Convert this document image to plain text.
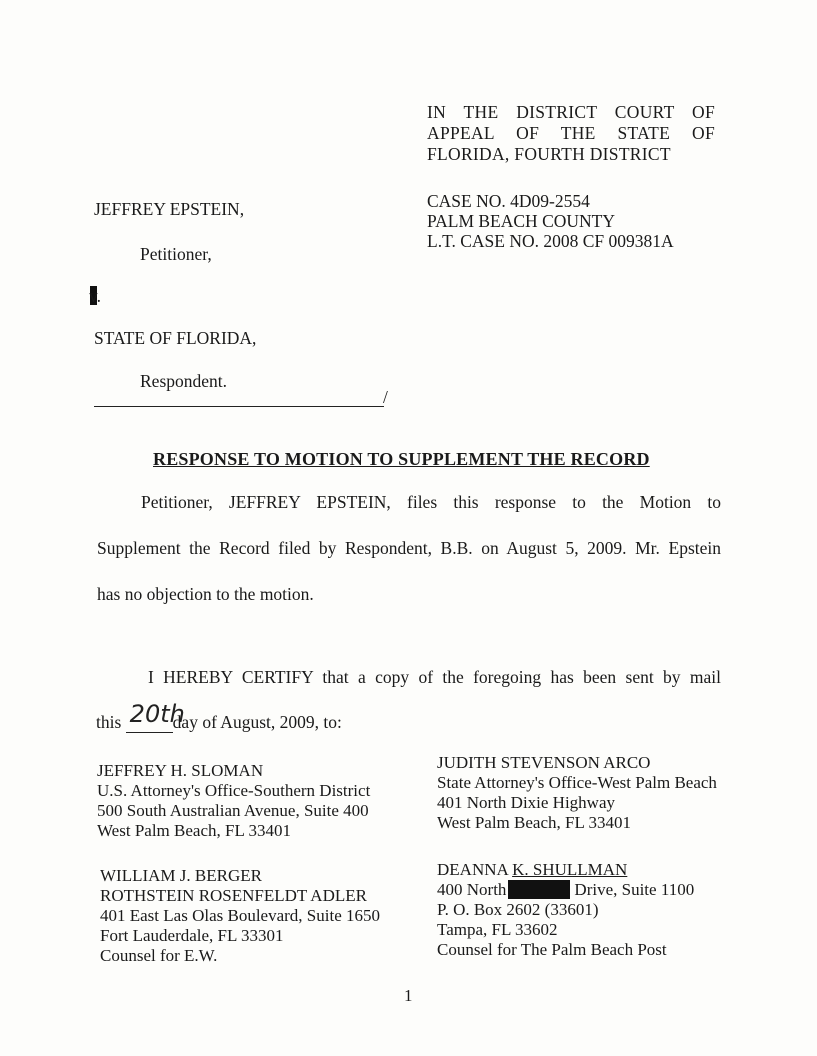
IN THE DISTRICT COURT OF
APPEAL OF THE STATE OF
FLORIDA, FOURTH DISTRICT
CASE NO. 4D09-2554
PALM BEACH COUNTY
L.T. CASE NO. 2008 CF 009381A
JEFFREY EPSTEIN,
Petitioner,
v.
STATE OF FLORIDA,
Respondent.
/
RESPONSE TO MOTION TO SUPPLEMENT THE RECORD
Petitioner, JEFFREY EPSTEIN, files this response to the Motion to
Supplement the Record filed by Respondent, B.B. on August 5, 2009. Mr. Epstein
has no objection to the motion.
I HEREBY CERTIFY that a copy of the foregoing has been sent by mail
this 20th
day of August, 2009, to:
JEFFREY H. SLOMAN
U.S. Attorney's Office-Southern District
500 South Australian Avenue, Suite 400
West Palm Beach, FL 33401
WILLIAM J. BERGER
ROTHSTEIN ROSENFELDT ADLER
401 East Las Olas Boulevard, Suite 1650
Fort Lauderdale, FL 33301
Counsel for E.W.
JUDITH STEVENSON ARCO
State Attorney's Office-West Palm Beach
401 North Dixie Highway
West Palm Beach, FL 33401
DEANNA K. SHULLMAN
400 North	Drive, Suite 1100
P. O. Box 2602 (33601)
Tampa, FL 33602
Counsel for The Palm Beach Post
1
